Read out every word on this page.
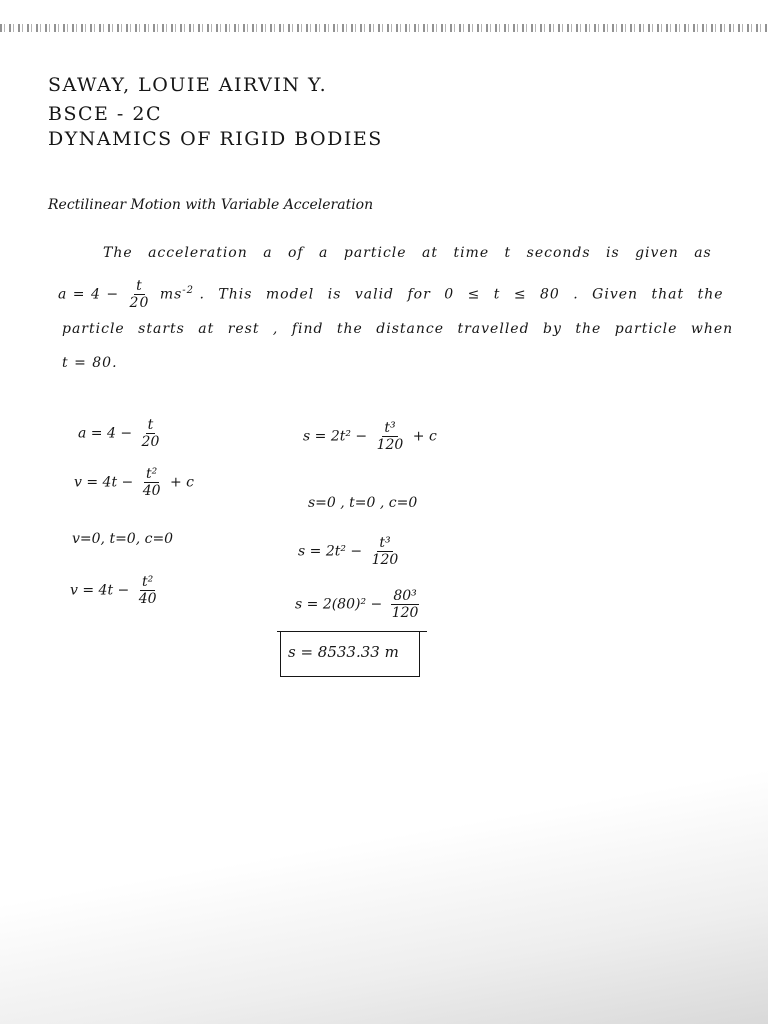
SAWAY, LOUIE AIRVIN Y.
BSCE - 2C
DYNAMICS OF RIGID BODIES
Rectilinear Motion with Variable Acceleration
The acceleration a of a particle at time t seconds is given as
$a = 4 - \frac{t}{20} ms^{-2}$ . This model is valid for 0 ≤ t ≤ 80 . Given that the
particle starts at rest , find the distance travelled by the particle when
t = 80.
$a = 4 - \frac{t}{20}$
$v = 4t - \frac{\text{t²}}{40} + c$
v=0, t=0, c=0
$v = 4t - \frac{\text{t²}}{40}$
$s = 2t^2 - \frac{\text{t³}}{120} + c$
s=0 , t=0 , c=0
$s = 2t^2 - \frac{\text{t³}}{120}$
$s = 2(80)^2 - \frac{\text{80³}}{120}$
s = 8533.33 m
